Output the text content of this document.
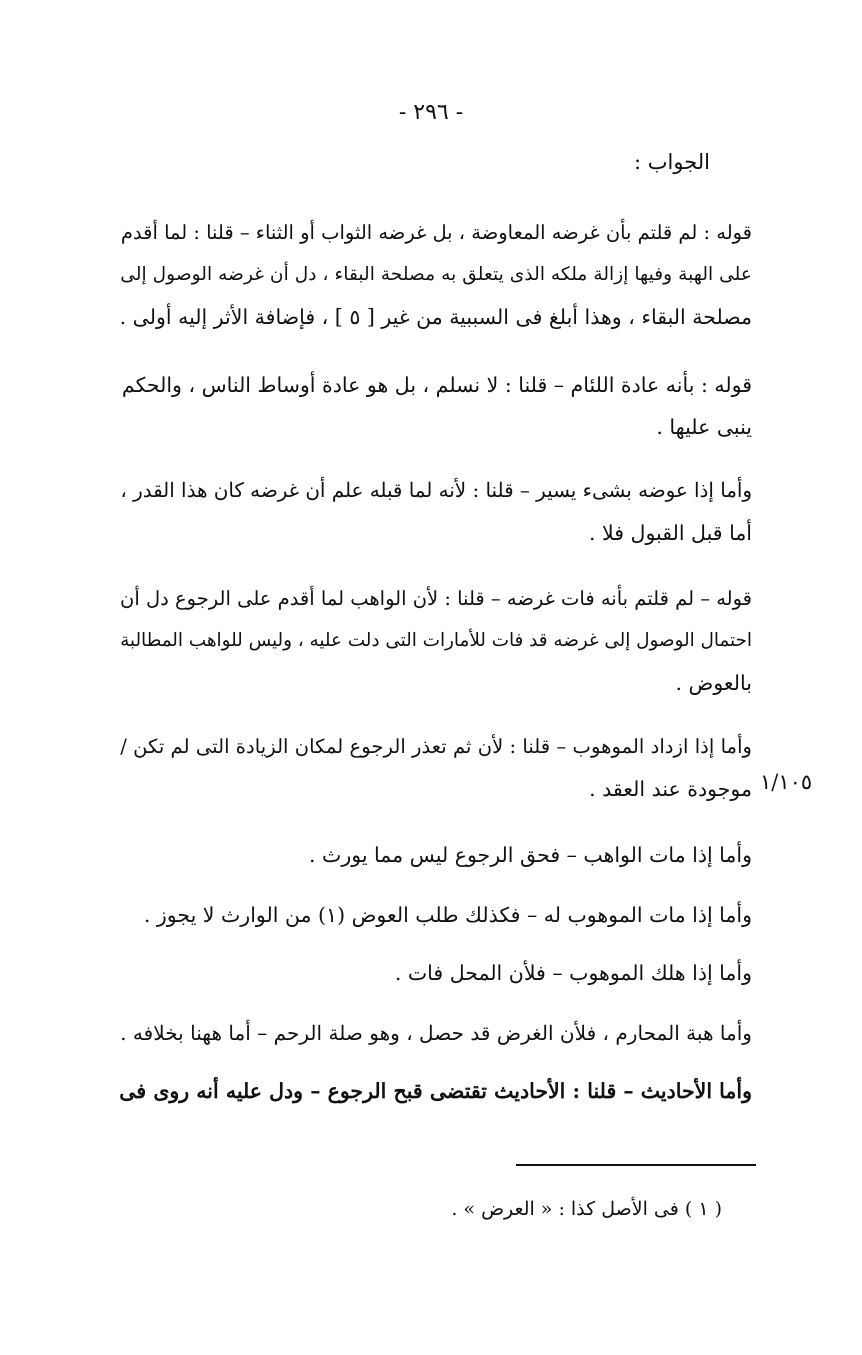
- ٢٩٦ -
الجواب :
قوله : لم قلتم بأن غرضه المعاوضة ، بل غرضه الثواب أو الثناء – قلنا : لما أقدم
على الهبة وفيها إزالة ملكه الذى يتعلق به مصلحة البقاء ، دل أن غرضه الوصول إلى
مصلحة البقاء ، وهذا أبلغ فى السببية من غير [ ٥ ] ، فإضافة الأثر إليه أولى .
قوله : بأنه عادة اللئام – قلنا : لا نسلم ، بل هو عادة أوساط الناس ، والحكم
ينبى عليها .
وأما إذا عوضه بشىء يسير – قلنا : لأنه لما قبله علم أن غرضه كان هذا القدر ،
أما قبل القبول فلا .
قوله – لم قلتم بأنه فات غرضه – قلنا : لأن الواهب لما أقدم على الرجوع دل أن
احتمال الوصول إلى غرضه قد فات للأمارات التى دلت عليه ، وليس للواهب المطالبة
بالعوض .
وأما إذا ازداد الموهوب – قلنا : لأن ثم تعذر الرجوع لمكان الزيادة التى لم تكن /
موجودة عند العقد . ١/١٠٥
وأما إذا مات الواهب – فحق الرجوع ليس مما يورث .
وأما إذا مات الموهوب له – فكذلك طلب العوض (١) من الوارث لا يجوز .
وأما إذا هلك الموهوب – فلأن المحل فات .
وأما هبة المحارم ، فلأن الغرض قد حصل ، وهو صلة الرحم – أما ههنا بخلافه .
وأما الأحاديث – قلنا : الأحاديث تقتضى قبح الرجوع – ودل عليه أنه روى فى
( ١ ) فى الأصل كذا : « العرض » .
